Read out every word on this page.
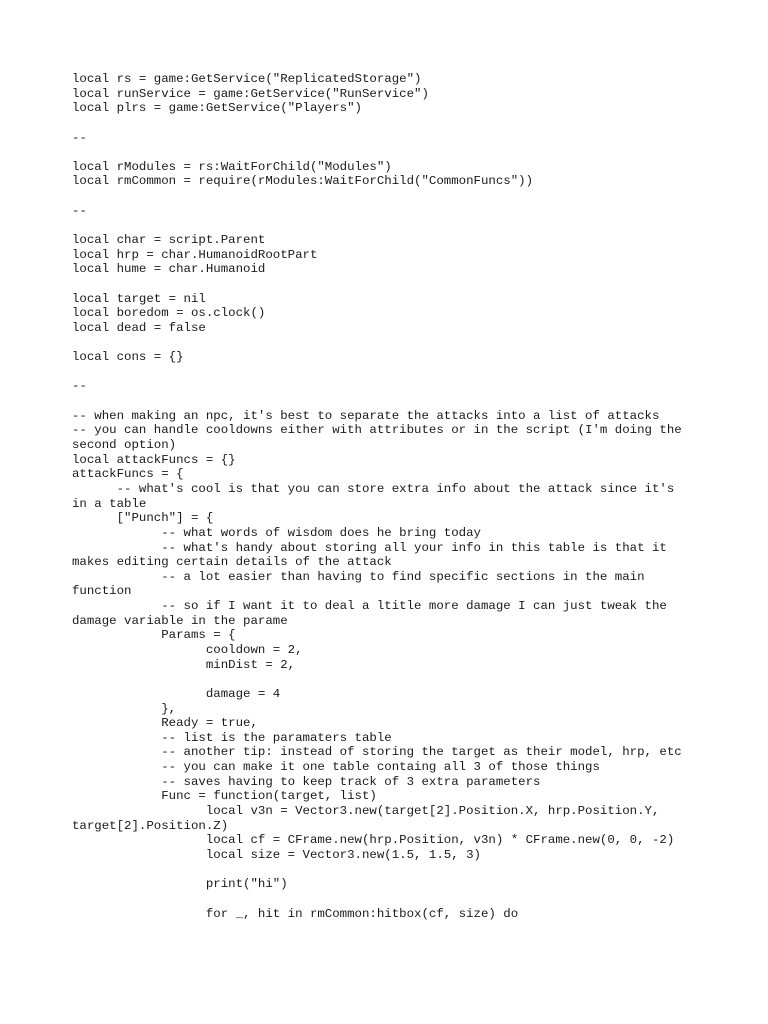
local rs = game:GetService("ReplicatedStorage")
local runService = game:GetService("RunService")
local plrs = game:GetService("Players")
--
local rModules = rs:WaitForChild("Modules")
local rmCommon = require(rModules:WaitForChild("CommonFuncs"))
--
local char = script.Parent
local hrp = char.HumanoidRootPart
local hume = char.Humanoid
local target = nil
local boredom = os.clock()
local dead = false
local cons = {}
--
-- when making an npc, it's best to separate the attacks into a list of attacks
-- you can handle cooldowns either with attributes or in the script (I'm doing the
second option)
local attackFuncs = {}
attackFuncs = {
-- what's cool is that you can store extra info about the attack since it's
in a table
["Punch"] = {
-- what words of wisdom does he bring today
-- what's handy about storing all your info in this table is that it
makes editing certain details of the attack
-- a lot easier than having to find specific sections in the main
function
-- so if I want it to deal a ltitle more damage I can just tweak the
damage variable in the parame
Params = {
cooldown = 2,
minDist = 2,
damage = 4
},
Ready = true,
-- list is the paramaters table
-- another tip: instead of storing the target as their model, hrp, etc
-- you can make it one table containg all 3 of those things
-- saves having to keep track of 3 extra parameters
Func = function(target, list)
local v3n = Vector3.new(target[2].Position.X, hrp.Position.Y,
target[2].Position.Z)
local cf = CFrame.new(hrp.Position, v3n) * CFrame.new(0, 0, -2)
local size = Vector3.new(1.5, 1.5, 3)
print("hi")
for _, hit in rmCommon:hitbox(cf, size) do
